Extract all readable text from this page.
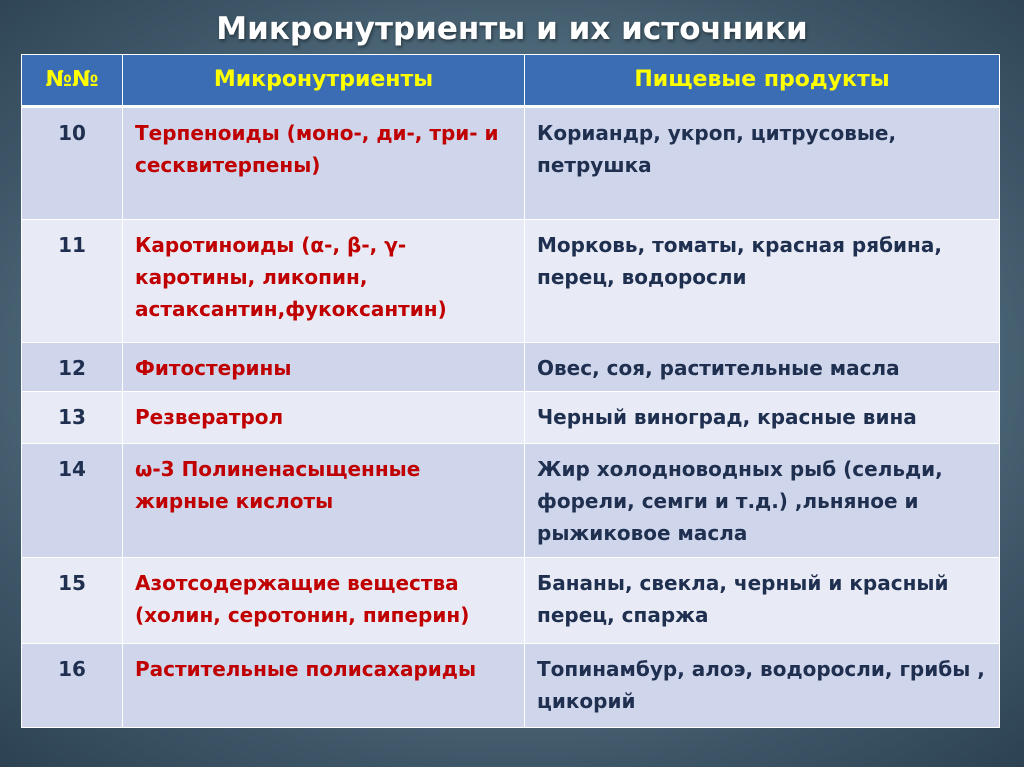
Микронутриенты и их источники
№№	Микронутриенты	Пищевые продукты
10	Терпеноиды (моно-, ди-, три- и сесквитерпены)	Кориандр, укроп, цитрусовые, петрушка
11	Каротиноиды (α-, β-, γ-каротины, ликопин, астаксантин,фукоксантин)	Морковь, томаты, красная рябина, перец, водоросли
12	Фитостерины	Овес, соя, растительные масла
13	Резвератрол	Черный виноград, красные вина
14	ω-3 Полиненасыщенные жирные кислоты	Жир холодноводных рыб (сельди, форели, семги и т.д.) ,льняное и рыжиковое масла
15	Азотсодержащие вещества (холин, серотонин, пиперин)	Бананы, свекла, черный и красный перец, спаржа
16	Растительные полисахариды	Топинамбур, алоэ, водоросли, грибы , цикорий
